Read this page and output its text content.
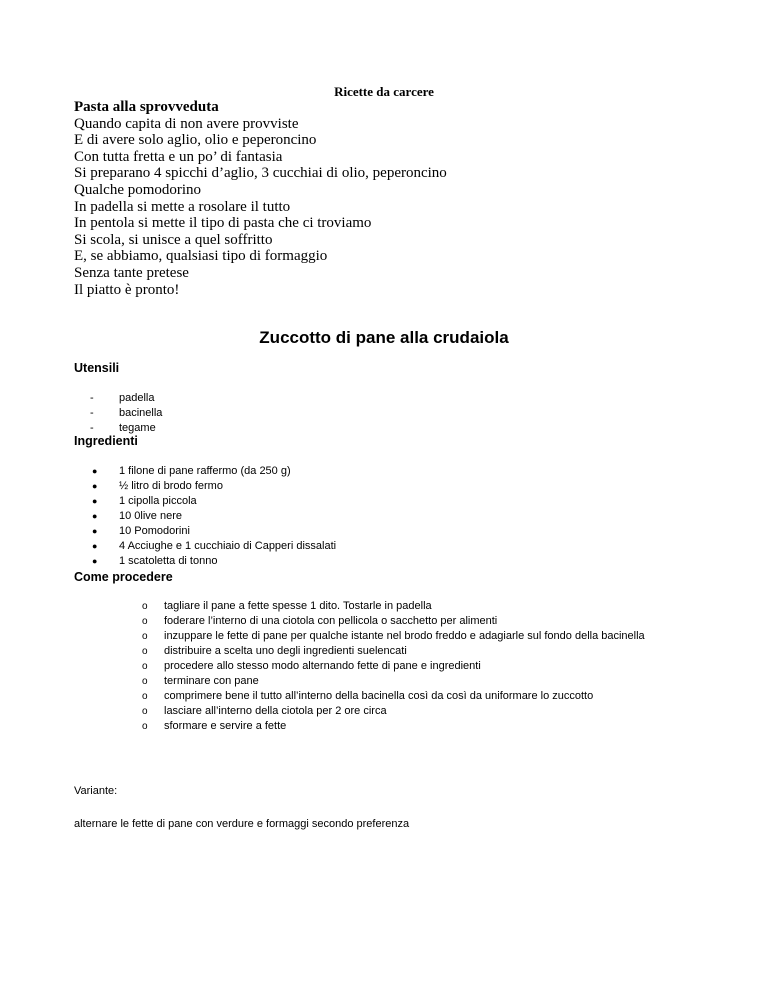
Ricette da carcere
Pasta alla sprovveduta
Quando capita di non avere provviste
E di avere solo aglio, olio e peperoncino
Con tutta fretta e un po’ di fantasia
Si preparano 4 spicchi d’aglio, 3 cucchiai di olio, peperoncino
Qualche pomodorino
In padella si mette a rosolare il tutto
In pentola si mette il tipo di pasta che ci troviamo
Si scola, si unisce a quel soffritto
E, se abbiamo, qualsiasi tipo di formaggio
Senza tante pretese
Il piatto è pronto!
Zuccotto di pane alla crudaiola
Utensili
- padella
- bacinella
- tegame
Ingredienti
● 1 filone di pane raffermo (da 250 g)
● ½ litro di brodo fermo
● 1 cipolla piccola
● 10 0live nere
● 10 Pomodorini
● 4 Acciughe e 1 cucchiaio di Capperi dissalati
● 1 scatoletta di tonno
Come procedere
o tagliare il pane a fette spesse 1 dito. Tostarle in padella
o foderare l’interno di una ciotola con pellicola o sacchetto per alimenti
o inzuppare le fette di pane per qualche istante nel brodo freddo e adagiarle sul fondo della bacinella
o distribuire a scelta uno degli ingredienti suelencati
o procedere allo stesso modo alternando fette di pane e ingredienti
o terminare con pane
o comprimere bene il tutto all’interno della bacinella così da così da uniformare lo zuccotto
o lasciare all’interno della ciotola per 2 ore circa
o sformare e servire a fette
Variante:
alternare le fette di pane con verdure e formaggi secondo preferenza
